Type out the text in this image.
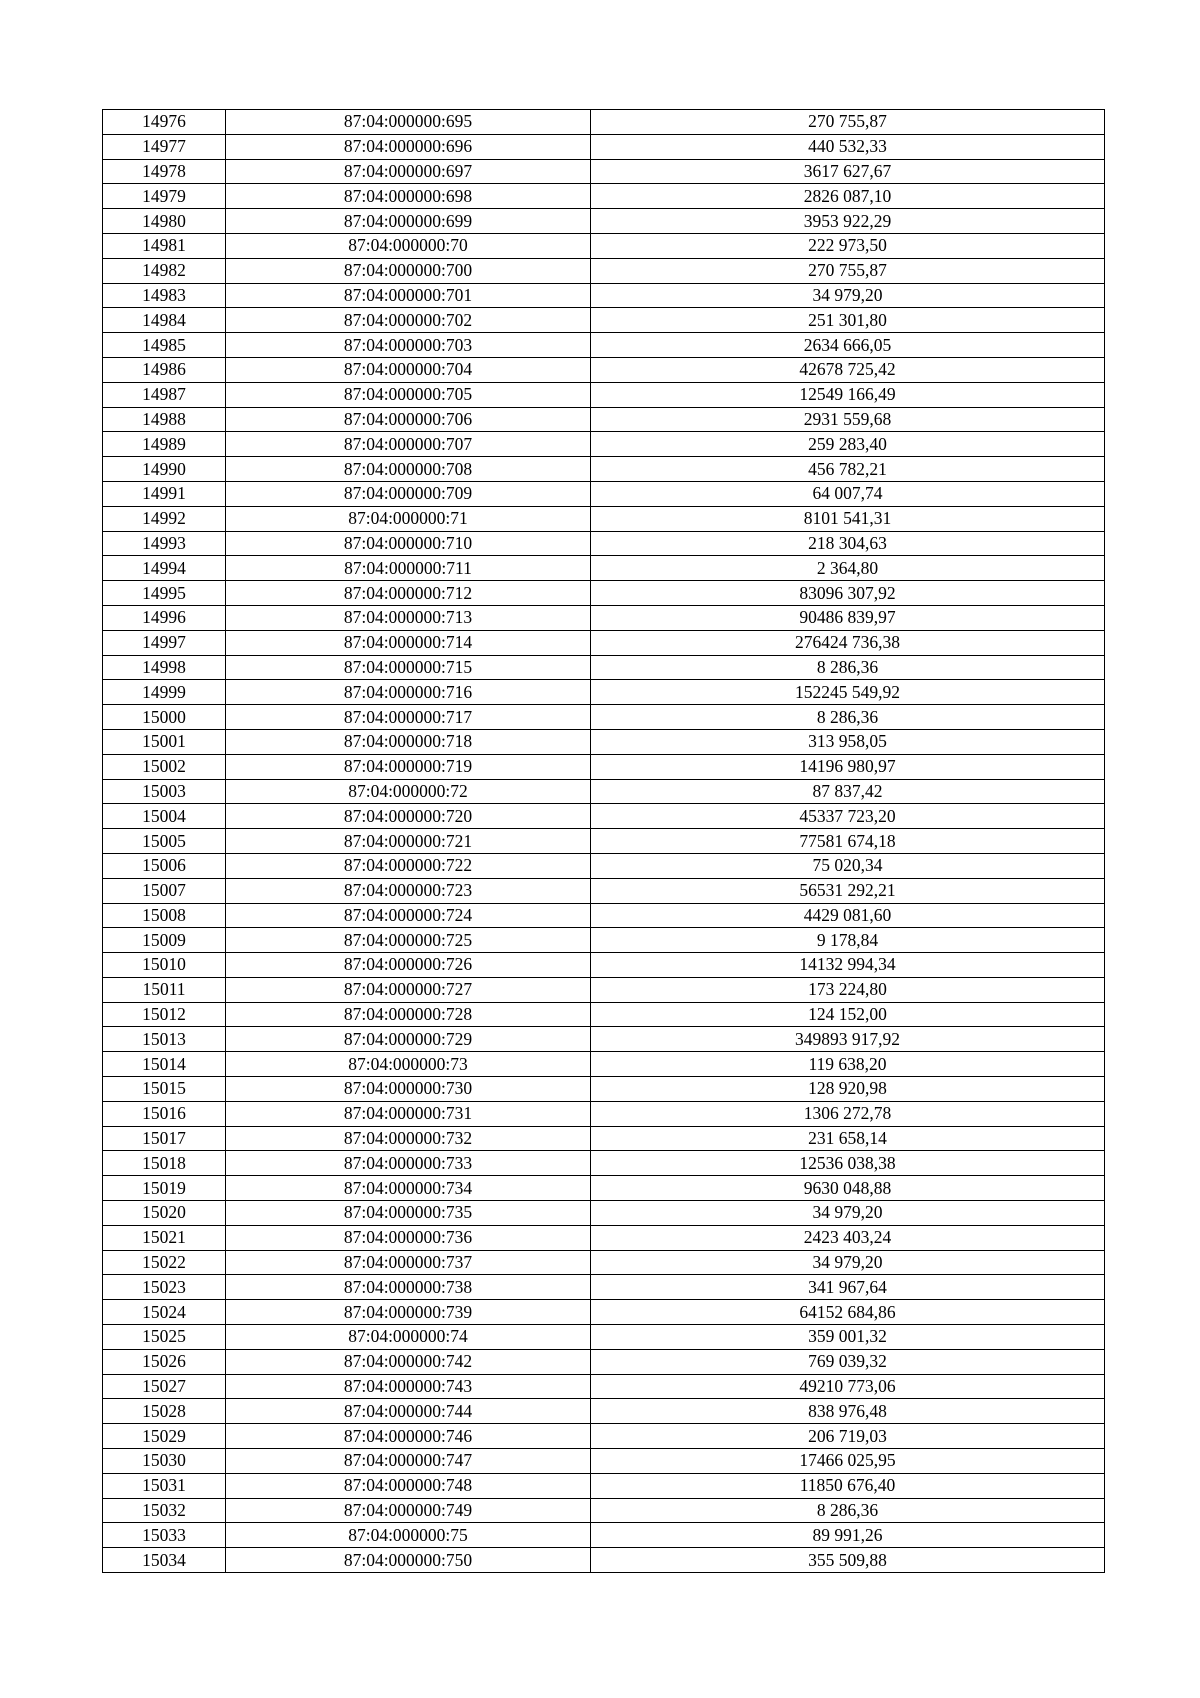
14976	87:04:000000:695	270 755,87
14977	87:04:000000:696	440 532,33
14978	87:04:000000:697	3617 627,67
14979	87:04:000000:698	2826 087,10
14980	87:04:000000:699	3953 922,29
14981	87:04:000000:70	222 973,50
14982	87:04:000000:700	270 755,87
14983	87:04:000000:701	34 979,20
14984	87:04:000000:702	251 301,80
14985	87:04:000000:703	2634 666,05
14986	87:04:000000:704	42678 725,42
14987	87:04:000000:705	12549 166,49
14988	87:04:000000:706	2931 559,68
14989	87:04:000000:707	259 283,40
14990	87:04:000000:708	456 782,21
14991	87:04:000000:709	64 007,74
14992	87:04:000000:71	8101 541,31
14993	87:04:000000:710	218 304,63
14994	87:04:000000:711	2 364,80
14995	87:04:000000:712	83096 307,92
14996	87:04:000000:713	90486 839,97
14997	87:04:000000:714	276424 736,38
14998	87:04:000000:715	8 286,36
14999	87:04:000000:716	152245 549,92
15000	87:04:000000:717	8 286,36
15001	87:04:000000:718	313 958,05
15002	87:04:000000:719	14196 980,97
15003	87:04:000000:72	87 837,42
15004	87:04:000000:720	45337 723,20
15005	87:04:000000:721	77581 674,18
15006	87:04:000000:722	75 020,34
15007	87:04:000000:723	56531 292,21
15008	87:04:000000:724	4429 081,60
15009	87:04:000000:725	9 178,84
15010	87:04:000000:726	14132 994,34
15011	87:04:000000:727	173 224,80
15012	87:04:000000:728	124 152,00
15013	87:04:000000:729	349893 917,92
15014	87:04:000000:73	119 638,20
15015	87:04:000000:730	128 920,98
15016	87:04:000000:731	1306 272,78
15017	87:04:000000:732	231 658,14
15018	87:04:000000:733	12536 038,38
15019	87:04:000000:734	9630 048,88
15020	87:04:000000:735	34 979,20
15021	87:04:000000:736	2423 403,24
15022	87:04:000000:737	34 979,20
15023	87:04:000000:738	341 967,64
15024	87:04:000000:739	64152 684,86
15025	87:04:000000:74	359 001,32
15026	87:04:000000:742	769 039,32
15027	87:04:000000:743	49210 773,06
15028	87:04:000000:744	838 976,48
15029	87:04:000000:746	206 719,03
15030	87:04:000000:747	17466 025,95
15031	87:04:000000:748	11850 676,40
15032	87:04:000000:749	8 286,36
15033	87:04:000000:75	89 991,26
15034	87:04:000000:750	355 509,88
